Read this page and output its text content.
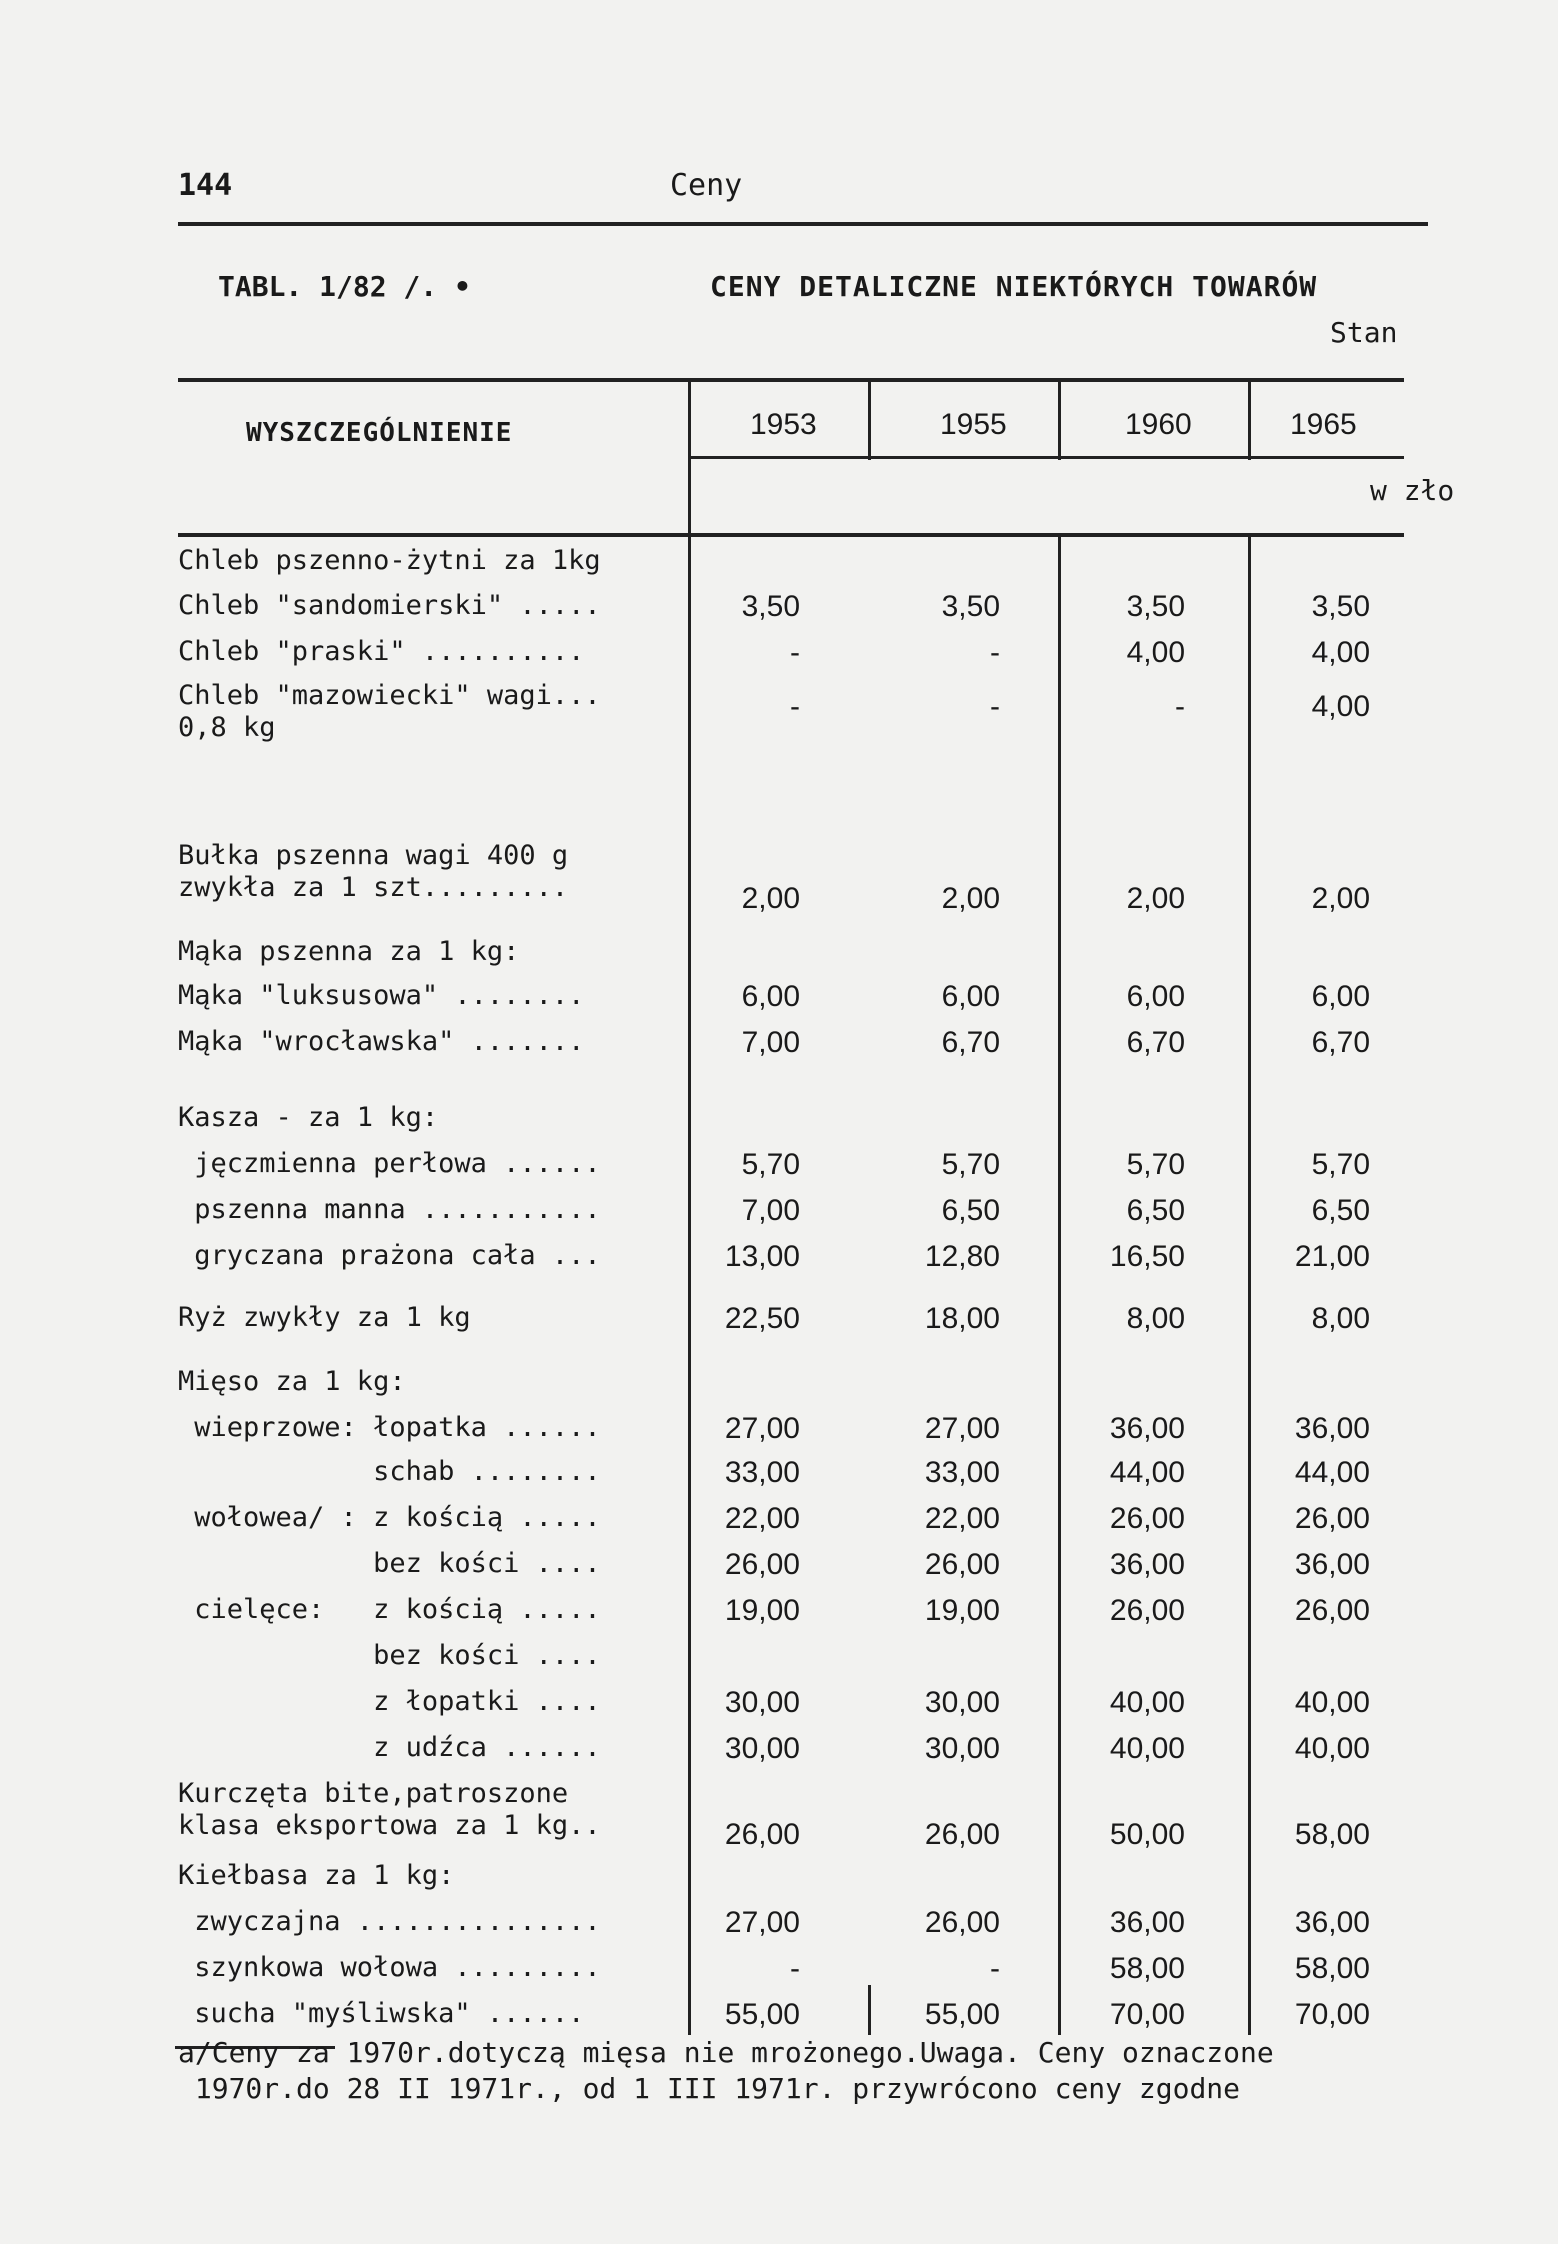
144	Ceny
TABL. 1/82 /. •	CENY DETALICZNE NIEKTÓRYCH TOWARÓW
Stan
WYSZCZEGÓLNIENIE	1953	1955	1960	1965
w zło
Chleb pszenno-żytni za 1kg
Chleb "sandomierski" .....	3,50	3,50	3,50	3,50
Chleb "praski" ..........	-	-	4,00	4,00
Chleb "mazowiecki" wagi...
0,8 kg
-	-	-	4,00
Bułka pszenna wagi 400 g
zwykła za 1 szt.........	2,00	2,00	2,00	2,00
Mąka pszenna za 1 kg:
Mąka "luksusowa" ........	6,00	6,00	6,00	6,00
Mąka "wrocławska" .......	7,00	6,70	6,70	6,70
Kasza - za 1 kg:
jęczmienna perłowa ......	5,70	5,70	5,70	5,70
pszenna manna ...........	7,00	6,50	6,50	6,50
gryczana prażona cała ...	13,00	12,80	16,50	21,00
Ryż zwykły za 1 kg	22,50	18,00	8,00	8,00
Mięso za 1 kg:
wieprzowe: łopatka ......	27,00	27,00	36,00	36,00
schab ........	33,00	33,00	44,00	44,00
wołowea/ : z kością .....	22,00	22,00	26,00	26,00
bez kości ....	26,00	26,00	36,00	36,00
cielęce:   z kością .....	19,00	19,00	26,00	26,00
bez kości ....
z łopatki ....	30,00	30,00	40,00	40,00
z udźca ......	30,00	30,00	40,00	40,00
Kurczęta bite,patroszone
klasa eksportowa za 1 kg..	26,00	26,00	50,00	58,00
Kiełbasa za 1 kg:
zwyczajna ...............	27,00	26,00	36,00	36,00
szynkowa wołowa .........	-	-	58,00	58,00
sucha "myśliwska" ......	55,00	55,00	70,00	70,00
a/Ceny za 1970r.dotyczą mięsa nie mrożonego.Uwaga. Ceny oznaczone
1970r.do 28 II 1971r., od 1 III 1971r. przywrócono ceny zgodne
